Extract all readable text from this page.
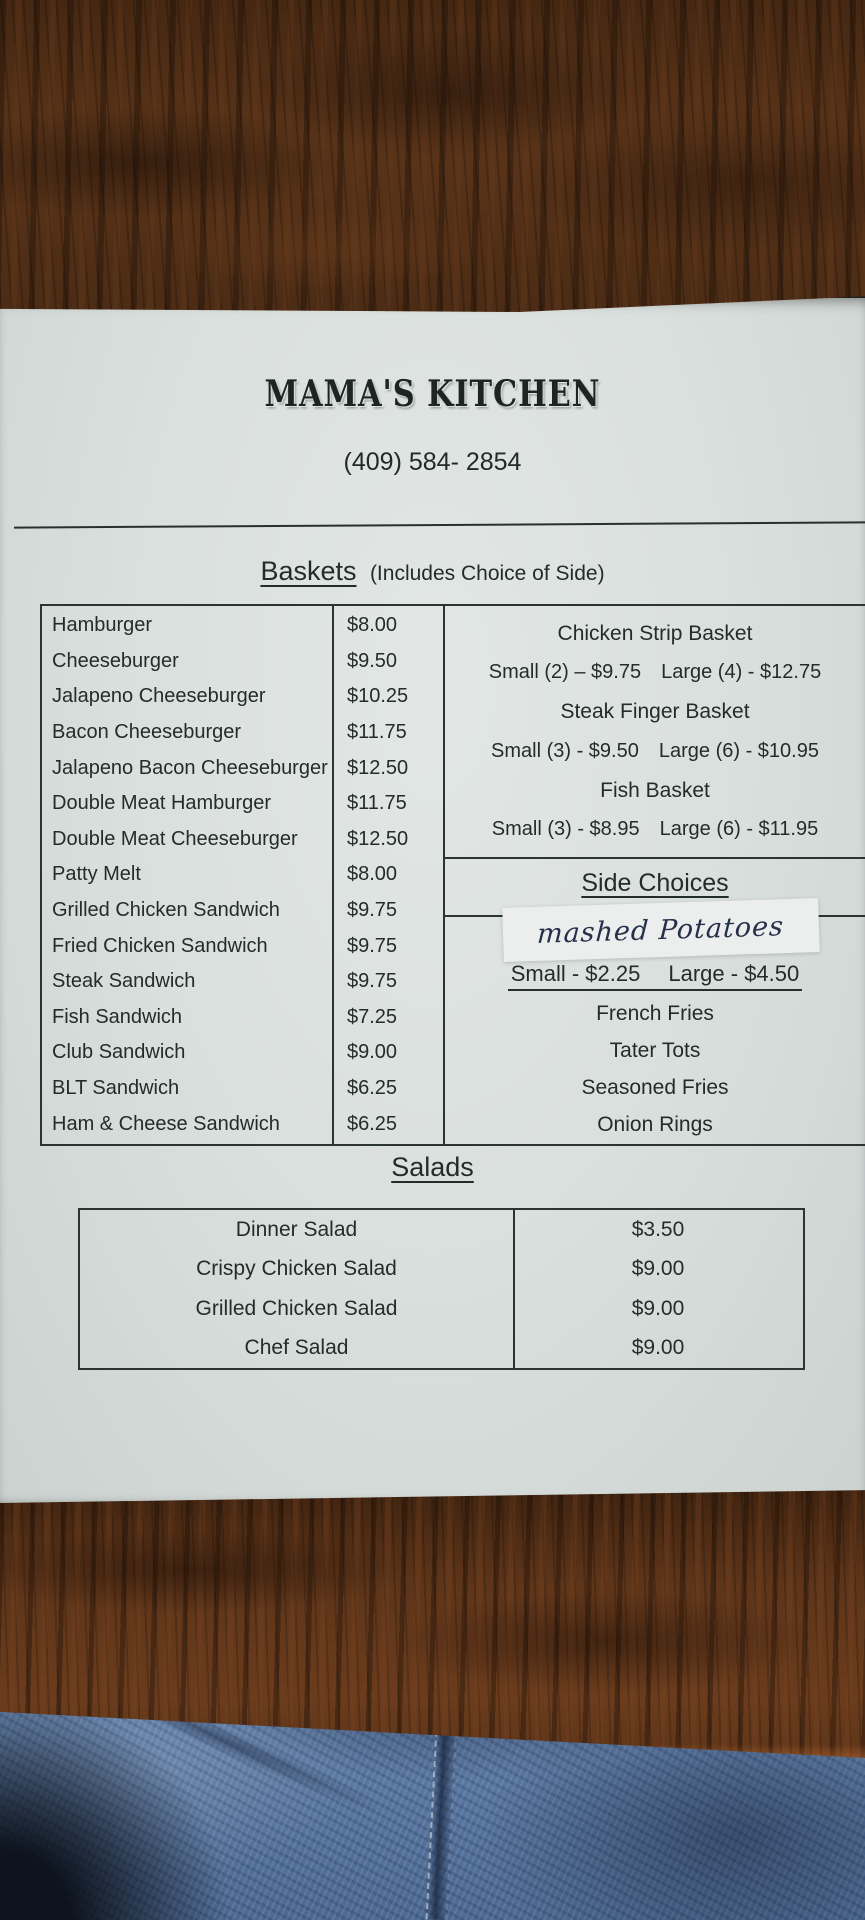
MAMA'S KITCHEN
(409) 584- 2854
Baskets (Includes Choice of Side)
Hamburger	$8.00
Cheeseburger	$9.50
Jalapeno Cheeseburger	$10.25
Bacon Cheeseburger	$11.75
Jalapeno Bacon Cheeseburger $12.50
Double Meat Hamburger	$11.75
Double Meat Cheeseburger	$12.50
Patty Melt	$8.00
Grilled Chicken Sandwich	$9.75
Fried Chicken Sandwich	$9.75
Steak Sandwich	$9.75
Fish Sandwich	$7.25
Club Sandwich	$9.00
BLT Sandwich	$6.25
Ham & Cheese Sandwich	$6.25
Chicken Strip Basket
Small (2) – $9.75 Large (4) - $12.75
Steak Finger Basket
Small (3) - $9.50 Large (6) - $10.95
Fish Basket
Small (3) - $8.95 Large (6) - $11.95
Side Choices
mashed Potatoes
Small - $2.25 Large - $4.50
French Fries
Tater Tots
Seasoned Fries
Onion Rings
Salads
Dinner Salad	$3.50
Crispy Chicken Salad	$9.00
Grilled Chicken Salad	$9.00
Chef Salad	$9.00
